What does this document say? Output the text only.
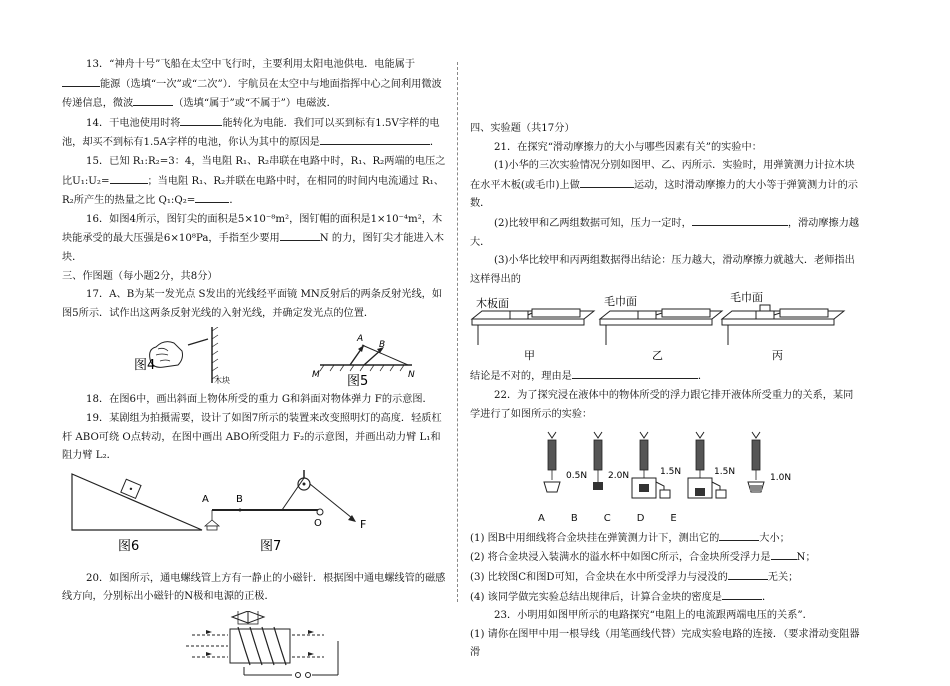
13．“神舟十号”飞船在太空中飞行时，主要利用太阳电池供电．电能属于能源（选填“一次”或“二次”）．宇航员在太空中与地面指挥中心之间利用微波传递信息，微波	（选填“属于”或“不属于”）电磁波．

14．干电池使用时将	能转化为电能．我们可以买到标有1.5V字样的电池，却买不到标有1.5A字样的电池，你认为其中的原因是	．

15．已知 R₁:R₂=3：4，当电阻 R₁、R₂串联在电路中时，R₁、R₂两端的电压之比U₁:U₂=	；当电阻 R₁、R₂并联在电路中时，在相同的时间内电流通过 R₁、R₂所产生的热量之比 Q₁:Q₂=	．

16．如图4所示，图钉尖的面积是5×10⁻⁸m²，图钉帽的面积是1×10⁻⁴m²，木块能承受的最大压强是6×10⁸Pa，手指至少要用	N 的力，图钉尖才能进入木块．

三、作图题（每小题2分，共8分）

17．A、B为某一发光点 S发出的光线经平面镜 MN反射后的两条反射光线，如图5所示．试作出这两条反射光线的入射光线，并确定发光点的位置．

图4
木块
A
B
M	N
图5

18．在图6中，画出斜面上物体所受的重力 G和斜面对物体弹力 F的示意图．

19．某剧组为拍摄需要，设计了如图7所示的装置来改变照明灯的高度．轻质杠杆 ABO可绕 O点转动，在图中画出 ABO所受阻力 F₂的示意图，并画出动力臂 L₁和阻力臂 L₂．

图6
A	B
O	F
图7

20．如图所示，通电螺线管上方有一静止的小磁针．根据图中通电螺线管的磁感线方向，分别标出小磁针的N极和电源的正极．

四、实验题（共17分）

21．在探究“滑动摩擦力的大小与哪些因素有关”的实验中：

(1)小华的三次实验情况分别如图甲、乙、丙所示．实验时，用弹簧测力计拉木块在水平木板(或毛巾)上做	运动，这时滑动摩擦力的大小等于弹簧测力计的示数．

(2)比较甲和乙两组数据可知，压力一定时，	，滑动摩擦力越大．

(3)小华比较甲和丙两组数据得出结论：压力越大，滑动摩擦力就越大．老师指出这样得出的

木板面	毛巾面	毛巾面
甲	乙	丙

结论是不对的，理由是	．

22．为了探究浸在液体中的物体所受的浮力跟它排开液体所受重力的关系，某同学进行了如图所示的实验：

0.5N 2.0N	1.5N	1.5N
1.0N
A	B	C	D	E

(1) 图B中用细线将合金块挂在弹簧测力计下，测出它的	大小；

(2) 将合金块浸入装满水的溢水杯中如图C所示，合金块所受浮力是	N；

(3) 比较图C和图D可知，合金块在水中所受浮力与浸没的	无关；

(4) 该同学做完实验总结出规律后，计算合金块的密度是	．

23．小明用如图甲所示的电路探究“电阻上的电流跟两端电压的关系”．

(1) 请你在图甲中用一根导线（用笔画线代替）完成实验电路的连接．（要求滑动变阻器滑
